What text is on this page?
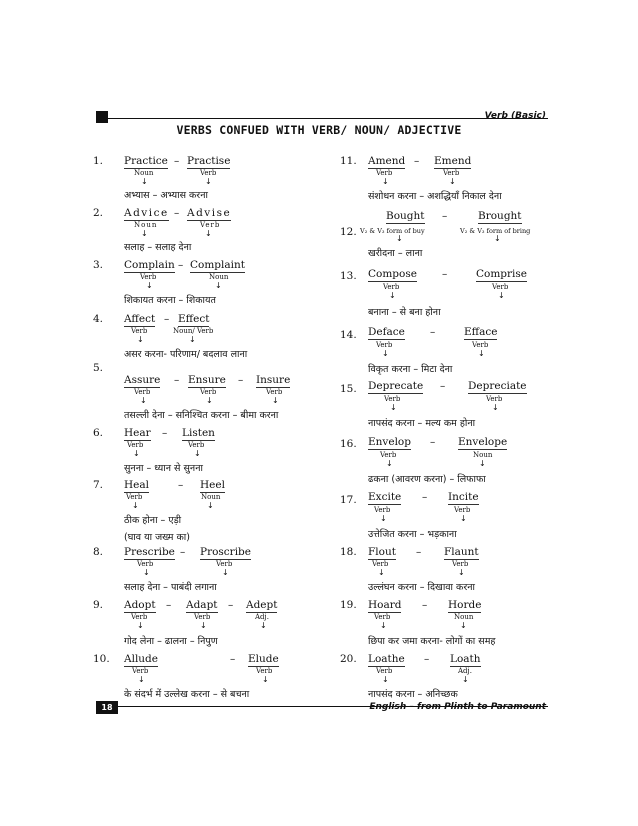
Verb (Basic)
VERBS CONFUED WITH VERB/ NOUN/ ADJECTIVE
1. Practice – Practise
Noun	Verb
↓	↓
अभ्यास – अभ्यास करना
2. Advice – Advise
Noun	Verb
↓	↓
सलाह – सलाह देना
3. Complain – Complaint
Verb	Noun
↓	↓
शिकायत करना – शिकायत
4. Affect – Effect
Verb	Noun/ Verb
↓	↓
असर करना- परिणाम/ बदलाव लाना
5.
Assure – Ensure – Insure
Verb	Verb	Verb
↓	↓	↓
तसल्ली देना – सनिश्चित करना – बीमा करना
6. Hear – Listen
Verb	Verb
↓	↓
सुनना – ध्यान से सुनना
7. Heal	– Heel
Verb	Noun
↓	↓
ठीक होना – एड़ी
(घाव या जख्म का)
8. Prescribe – Proscribe
Verb	Verb
↓	↓
सलाह देना – पाबंदी लगाना
9. Adopt – Adapt – Adept
Verb	Verb	Adj.
↓	↓	↓
गोद लेना – ढालना – निपुण
10. Allude	– Elude
Verb	Verb
↓	↓
के संदर्भ में उल्लेख करना – से बचना
11. Amend – Emend
Verb	Verb
↓	↓
संशोधन करना – अशद्धियाँ निकाल देना
12.
Bought –	Brought
V₂ & V₃ form of buy	V₂ & V₃ form of bring
↓	↓
खरीदना – लाना
13. Compose –	Comprise
Verb	Verb
↓	↓
बनाना – से बना होना
14. Deface –	Efface
Verb	Verb
↓	↓
विकृत करना – मिटा देना
15. Deprecate – Depreciate
Verb	Verb
↓	↓
नापसंद करना – मल्य कम होना
16. Envelop – Envelope
Verb	Noun
↓	↓
ढकना (आवरण करना) – लिफाफा
17. Excite – Incite
Verb	Verb
↓	↓
उत्तेजित करना – भड़काना
18. Flout – Flaunt
Verb	Verb
↓	↓
उल्लंघन करना – दिखावा करना
19. Hoard – Horde
Verb	Noun
↓	↓
छिपा कर जमा करना- लोगों का समह
20. Loathe – Loath
Verb	Adj.
↓	↓
नापसंद करना – अनिच्छक
18	English – from Plinth to Paramount
